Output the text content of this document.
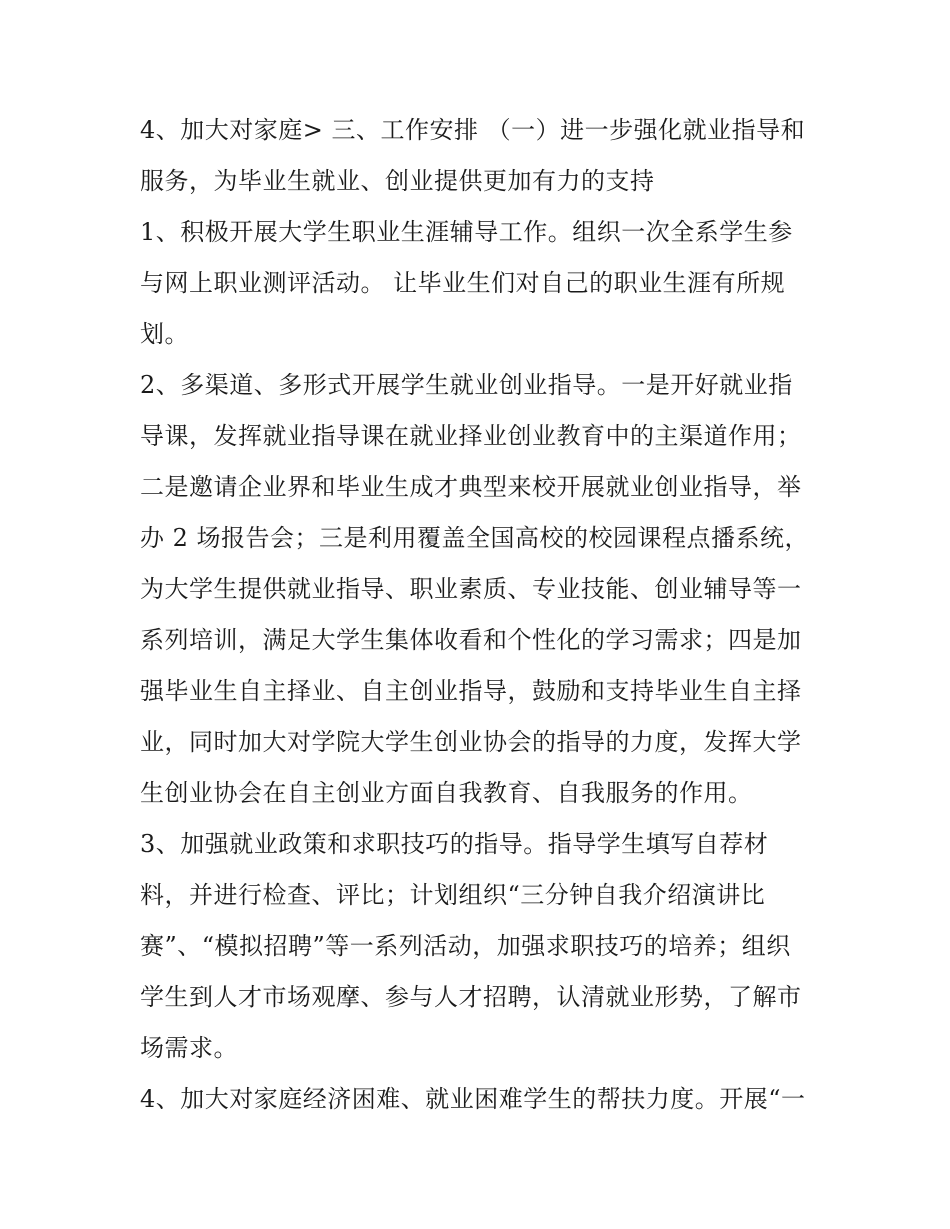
4、加大对家庭> 三、工作安排 （一）进一步强化就业指导和
服务，为毕业生就业、创业提供更加有力的支持
1、积极开展大学生职业生涯辅导工作。组织一次全系学生参
与网上职业测评活动。 让毕业生们对自己的职业生涯有所规
划。
2、多渠道、多形式开展学生就业创业指导。一是开好就业指
导课，发挥就业指导课在就业择业创业教育中的主渠道作用；
二是邀请企业界和毕业生成才典型来校开展就业创业指导，举
办 2 场报告会；三是利用覆盖全国高校的校园课程点播系统，
为大学生提供就业指导、职业素质、专业技能、创业辅导等一
系列培训，满足大学生集体收看和个性化的学习需求；四是加
强毕业生自主择业、自主创业指导，鼓励和支持毕业生自主择
业，同时加大对学院大学生创业协会的指导的力度，发挥大学
生创业协会在自主创业方面自我教育、自我服务的作用。
3、加强就业政策和求职技巧的指导。指导学生填写自荐材
料，并进行检查、评比；计划组织“三分钟自我介绍演讲比
赛”、“模拟招聘”等一系列活动，加强求职技巧的培养；组织
学生到人才市场观摩、参与人才招聘，认清就业形势，了解市
场需求。
4、加大对家庭经济困难、就业困难学生的帮扶力度。开展“一
